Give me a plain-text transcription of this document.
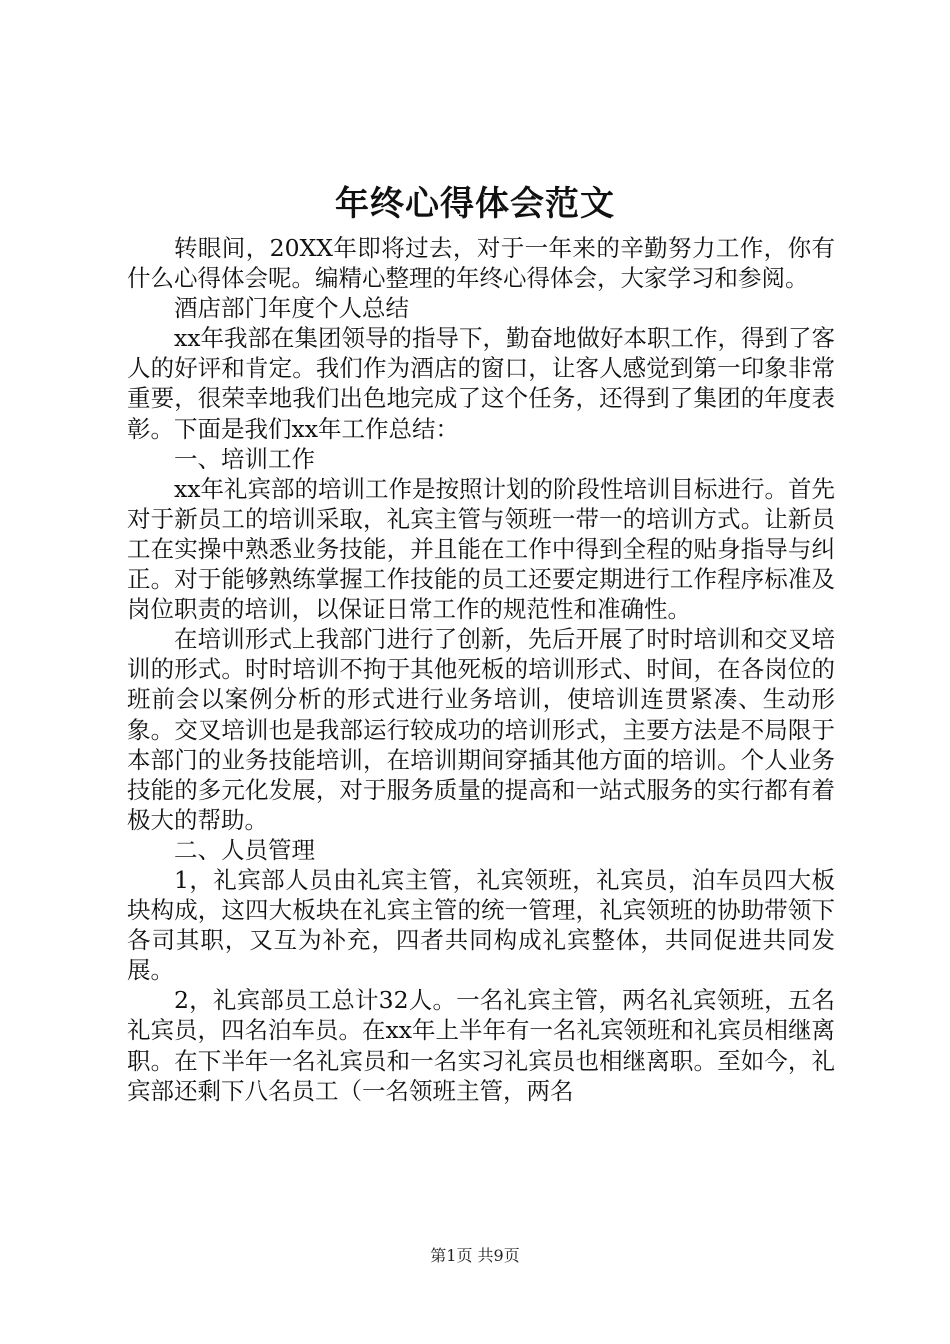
年终心得体会范文

转眼间，20XX年即将过去，对于一年来的辛勤努力工作，你有什么心得体会呢。编精心整理的年终心得体会，大家学习和参阅。

酒店部门年度个人总结

xx年我部在集团领导的指导下，勤奋地做好本职工作，得到了客人的好评和肯定。我们作为酒店的窗口，让客人感觉到第一印象非常重要，很荣幸地我们出色地完成了这个任务，还得到了集团的年度表彰。下面是我们xx年工作总结：

一、培训工作

xx年礼宾部的培训工作是按照计划的阶段性培训目标进行。首先对于新员工的培训采取，礼宾主管与领班一带一的培训方式。让新员工在实操中熟悉业务技能，并且能在工作中得到全程的贴身指导与纠正。对于能够熟练掌握工作技能的员工还要定期进行工作程序标准及岗位职责的培训，以保证日常工作的规范性和准确性。

在培训形式上我部门进行了创新，先后开展了时时培训和交叉培训的形式。时时培训不拘于其他死板的培训形式、时间，在各岗位的班前会以案例分析的形式进行业务培训，使培训连贯紧凑、生动形象。交叉培训也是我部运行较成功的培训形式，主要方法是不局限于本部门的业务技能培训，在培训期间穿插其他方面的培训。个人业务技能的多元化发展，对于服务质量的提高和一站式服务的实行都有着极大的帮助。

二、人员管理

1，礼宾部人员由礼宾主管，礼宾领班，礼宾员，泊车员四大板块构成，这四大板块在礼宾主管的统一管理，礼宾领班的协助带领下各司其职，又互为补充，四者共同构成礼宾整体，共同促进共同发展。

2，礼宾部员工总计32人。一名礼宾主管，两名礼宾领班，五名礼宾员，四名泊车员。在xx年上半年有一名礼宾领班和礼宾员相继离职。在下半年一名礼宾员和一名实习礼宾员也相继离职。至如今，礼宾部还剩下八名员工（一名领班主管，两名

第1页 共9页
